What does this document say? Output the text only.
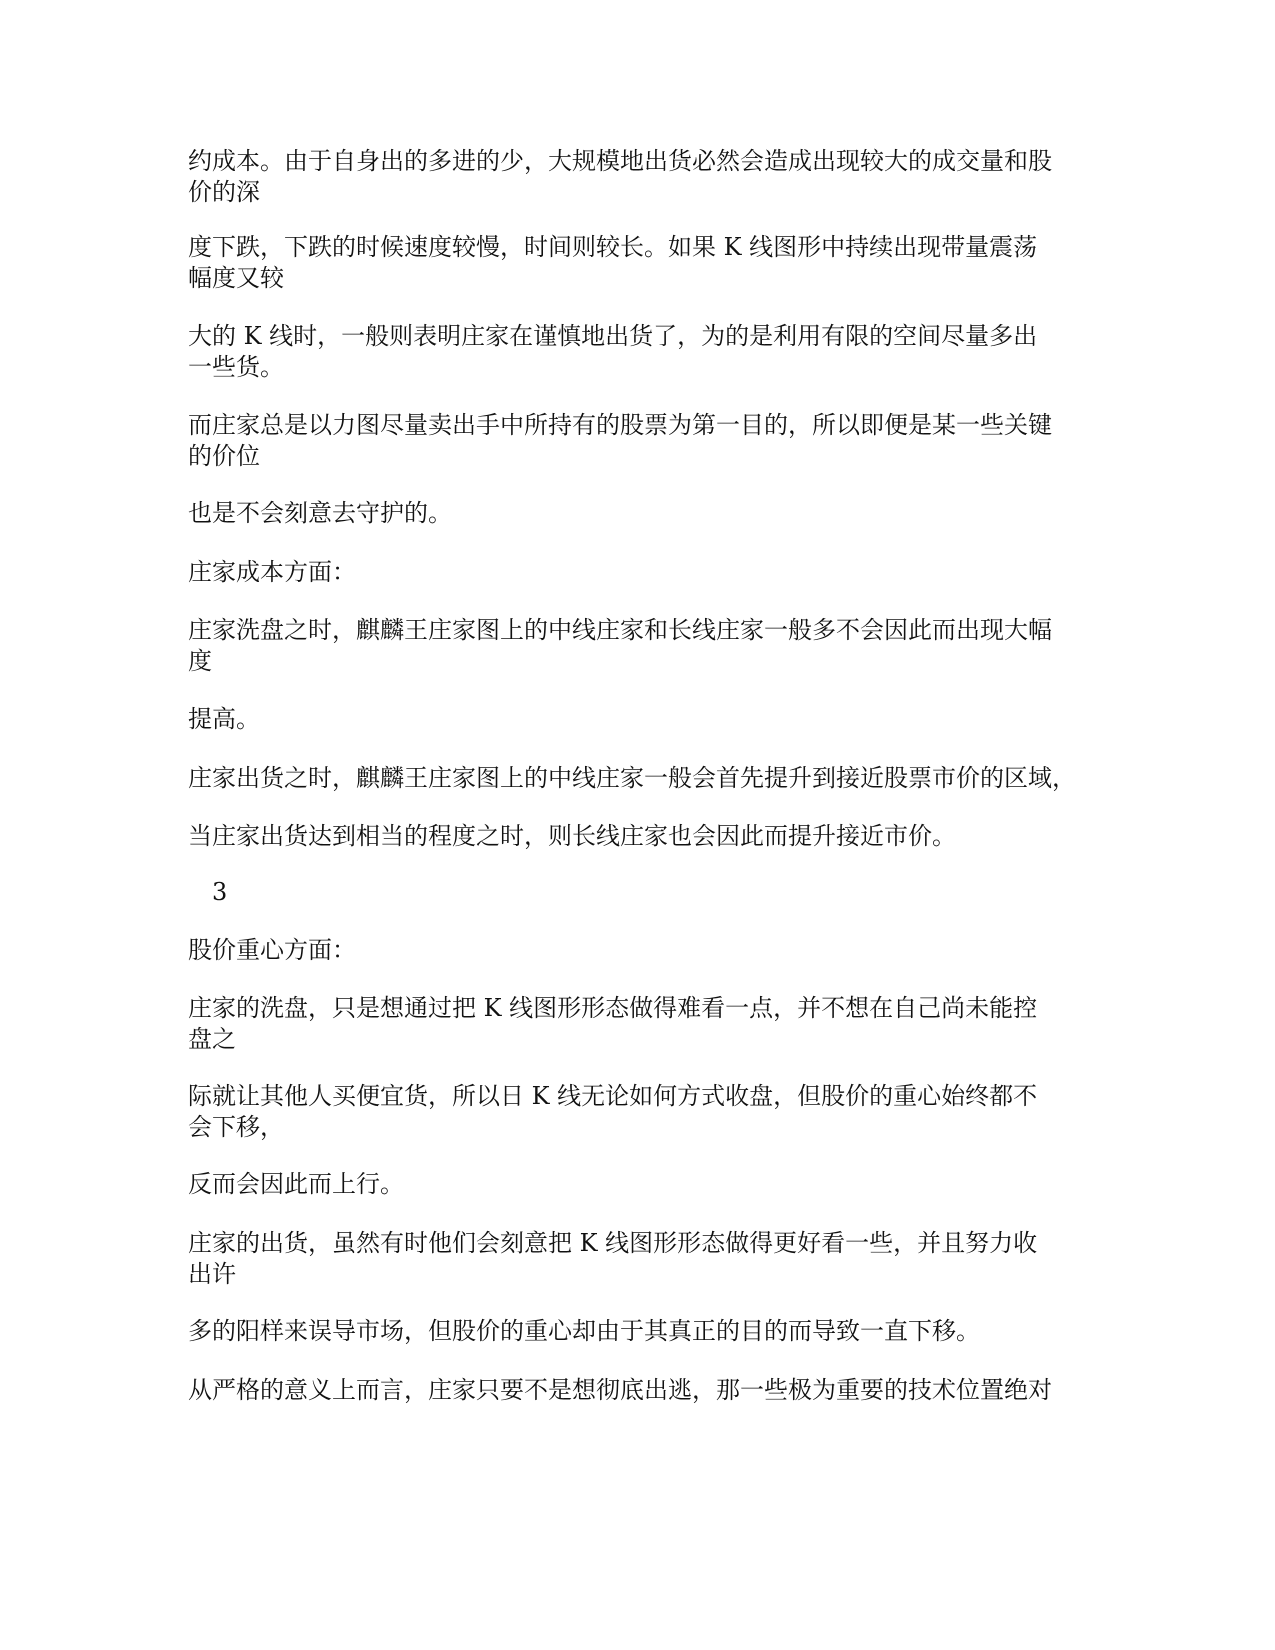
约成本。由于自身出的多进的少，大规模地出货必然会造成出现较大的成交量和股
价的深

度下跌，下跌的时候速度较慢，时间则较长。如果 K 线图形中持续出现带量震荡
幅度又较

大的 K 线时，一般则表明庄家在谨慎地出货了，为的是利用有限的空间尽量多出
一些货。

而庄家总是以力图尽量卖出手中所持有的股票为第一目的，所以即便是某一些关键
的价位

也是不会刻意去守护的。

庄家成本方面：

庄家洗盘之时，麒麟王庄家图上的中线庄家和长线庄家一般多不会因此而出现大幅
度

提高。

庄家出货之时，麒麟王庄家图上的中线庄家一般会首先提升到接近股票市价的区域，

当庄家出货达到相当的程度之时，则长线庄家也会因此而提升接近市价。

3

股价重心方面：

庄家的洗盘，只是想通过把 K 线图形形态做得难看一点，并不想在自己尚未能控
盘之

际就让其他人买便宜货，所以日 K 线无论如何方式收盘，但股价的重心始终都不
会下移，

反而会因此而上行。

庄家的出货，虽然有时他们会刻意把 K 线图形形态做得更好看一些，并且努力收
出许

多的阳样来误导市场，但股价的重心却由于其真正的目的而导致一直下移。

从严格的意义上而言，庄家只要不是想彻底出逃，那一些极为重要的技术位置绝对
